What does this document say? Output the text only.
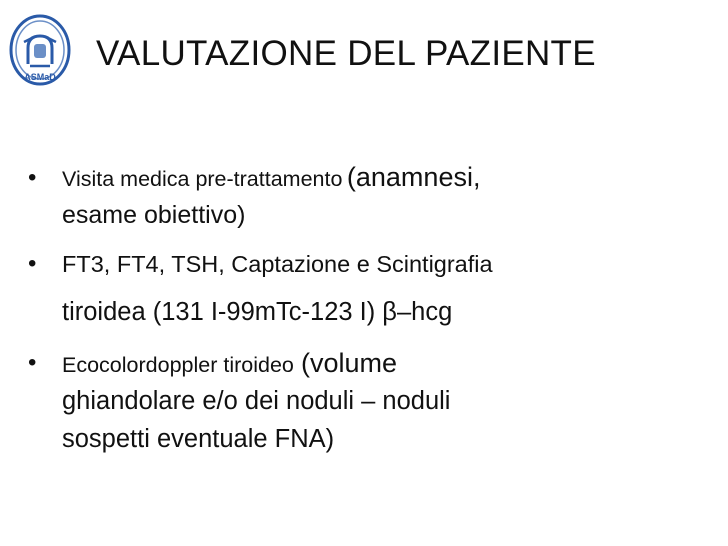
ASMaD
VALUTAZIONE DEL PAZIENTE
• Visita medica pre-trattamento (anamnesi,
esame obiettivo)
• FT3, FT4, TSH, Captazione e Scintigrafia
tiroidea (131 I-99mTc-123 I) β–hcg
• Ecocolordoppler tiroideo (volume
ghiandolare e/o dei noduli – noduli
sospetti eventuale FNA)
